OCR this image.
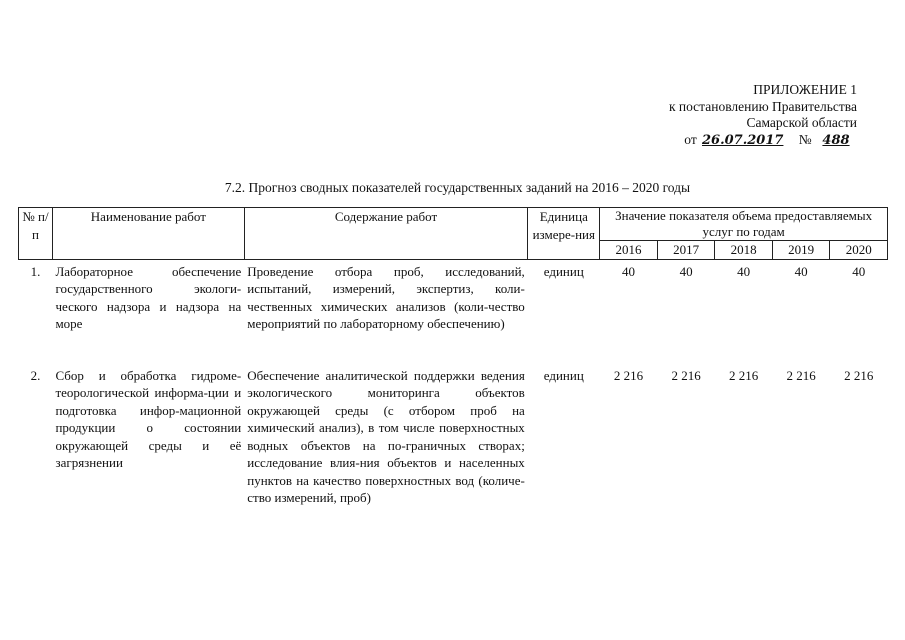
ПРИЛОЖЕНИЕ 1
к постановлению Правительства
Самарской области
от 26.07.2017 № 488
7.2. Прогноз сводных показателей государственных заданий на 2016 – 2020 годы
№ п/п	Наименование работ	Содержание работ	Единица измере-ния	Значение показателя объема предоставляемых услуг по годам				
				2016	2017	2018	2019	2020
1.	Лабораторное обеспечение государственного экологи-ческого надзора и надзора на море	Проведение отбора проб, исследований, испытаний, измерений, экспертиз, коли-чественных химических анализов (коли-чество мероприятий по лабораторному обеспечению)	единиц	40	40	40	40	40
2.	Сбор и обработка гидроме-теорологической информа-ции и подготовка инфор-мационной продукции о состоянии окружающей среды и её загрязнении	Обеспечение аналитической поддержки ведения экологического мониторинга объектов окружающей среды (с отбором проб на химический анализ), в том числе поверхностных водных объектов на по-граничных створах; исследование влия-ния объектов и населенных пунктов на качество поверхностных вод (количе-ство измерений, проб)	единиц	2 216	2 216	2 216	2 216	2 216
